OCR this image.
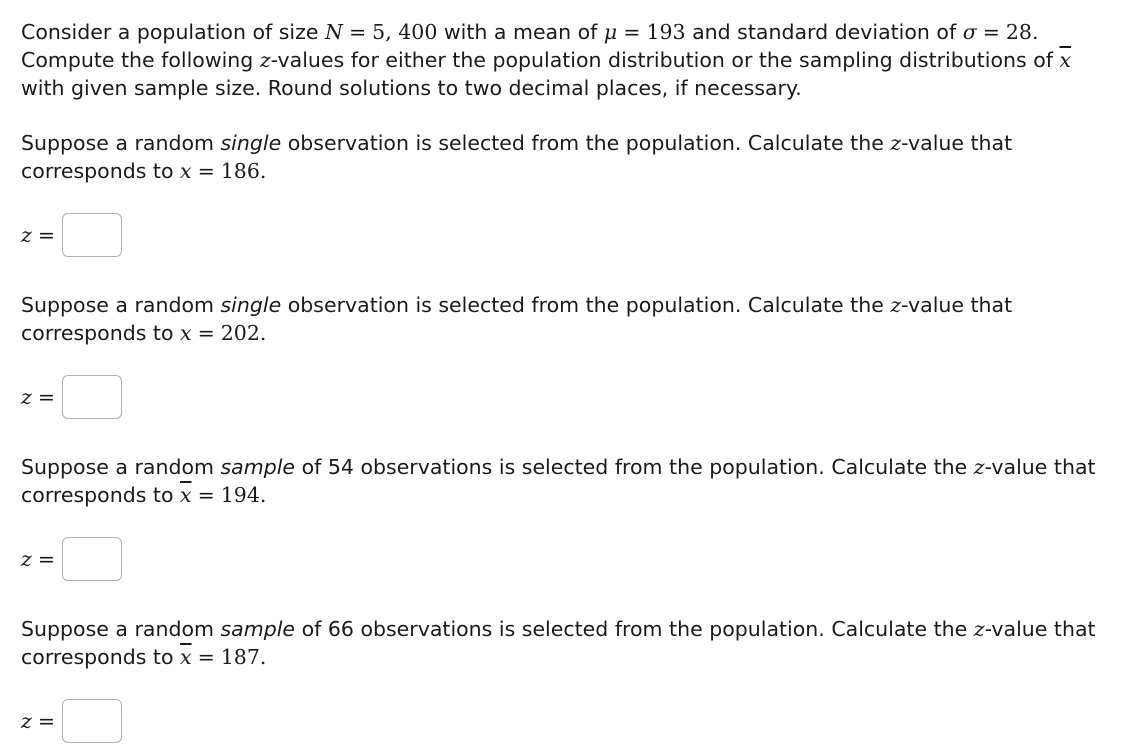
Consider a population of size N = 5, 400 with a mean of μ = 193 and standard deviation of σ = 28.
Compute the following z-values for either the population distribution or the sampling distributions of $\overline{x}$
with given sample size. Round solutions to two decimal places, if necessary.

Suppose a random single observation is selected from the population. Calculate the z-value that
corresponds to x = 186.

z =

Suppose a random single observation is selected from the population. Calculate the z-value that
corresponds to x = 202.

z =

Suppose a random sample of 54 observations is selected from the population. Calculate the z-value that
corresponds to $\overline{x} = 194$.

z =

Suppose a random sample of 66 observations is selected from the population. Calculate the z-value that
corresponds to $\overline{x} = 187$.

z =
